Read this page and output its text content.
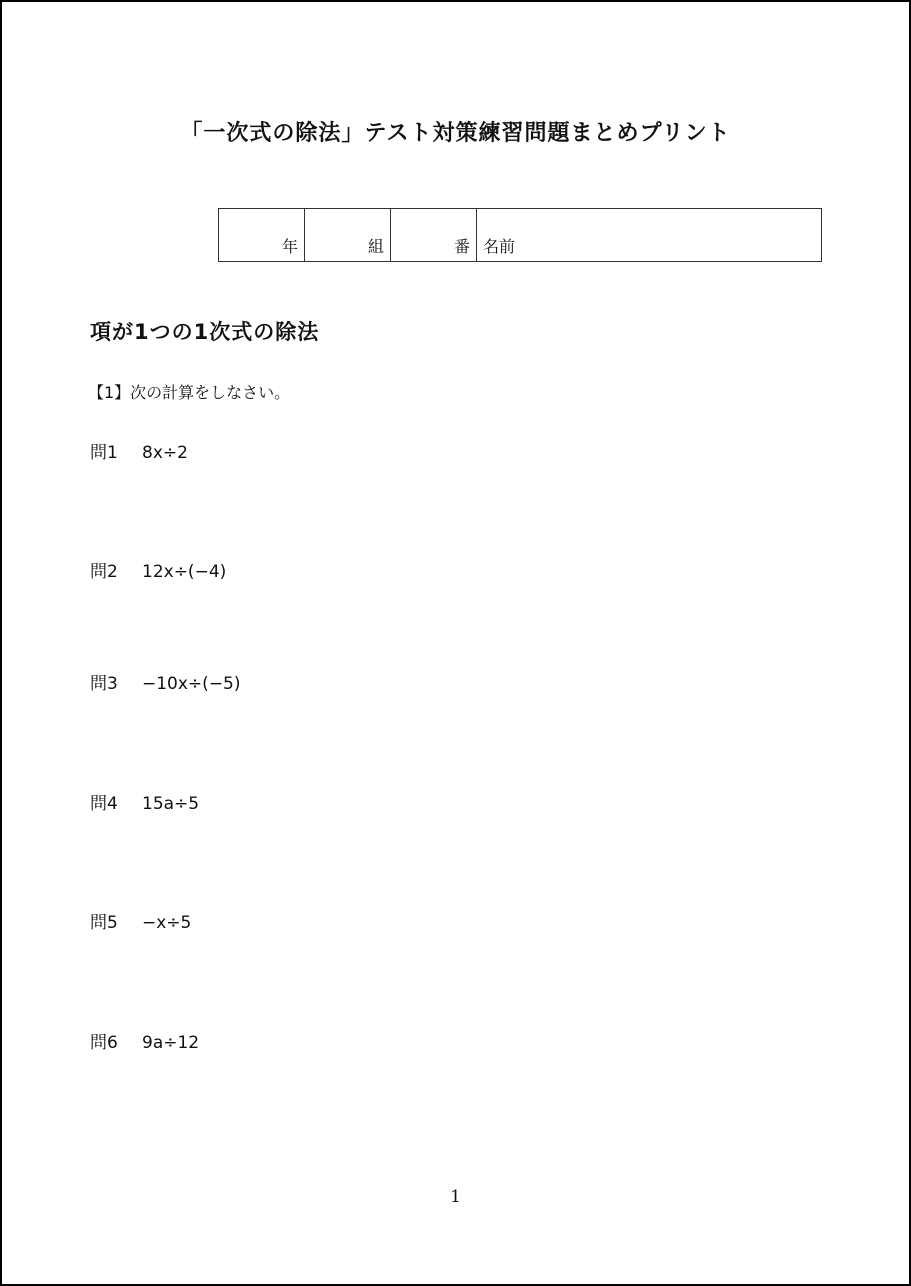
「一次式の除法」テスト対策練習問題まとめプリント
年	組	番	名前
項が1つの1次式の除法
【1】次の計算をしなさい。
問1 8x÷2
問2 12x÷(−4)
問3 −10x÷(−5)
問4 15a÷5
問5 −x÷5
問6 9a÷12
1
